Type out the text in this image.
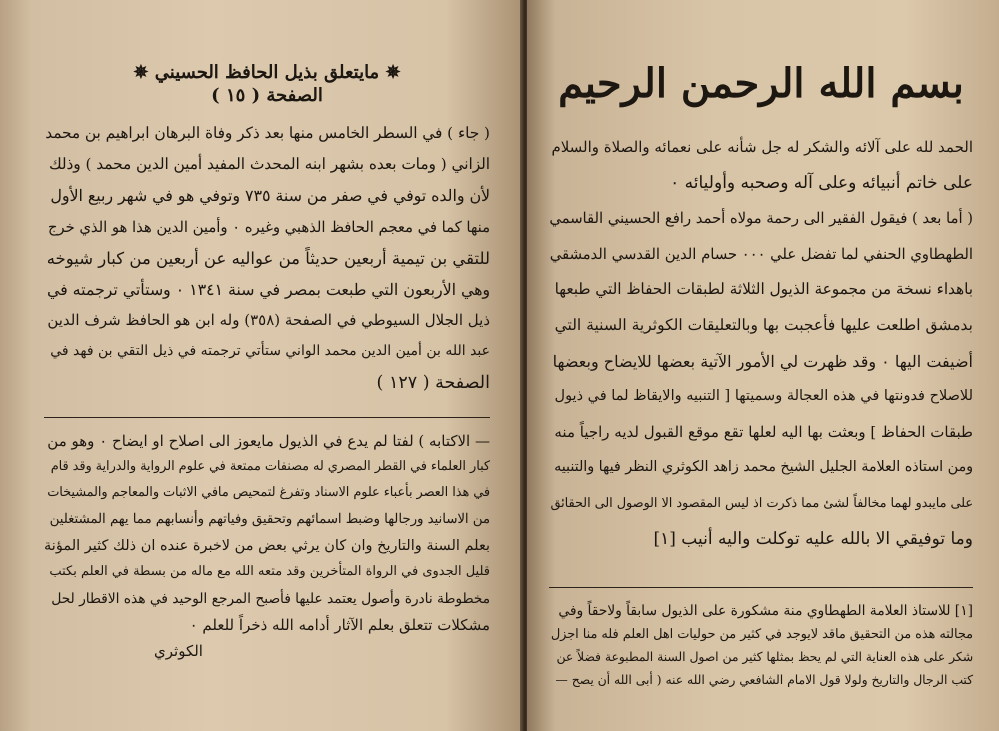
✵ مايتعلق بذيل الحافظ الحسيني ✵
الصفحة ( ١٥ )
( جاء ) في السطر الخامس منها بعد ذكر وفاة البرهان ابراهيم بن محمد
الزاني ( ومات بعده بشهر ابنه المحدث المفيد أمين الدين محمد ) وذلك
لأن والده توفي في صفر من سنة ٧٣٥ وتوفي هو في شهر ربيع الأول
منها كما في معجم الحافظ الذهبي وغيره ٠ وأمين الدين هذا هو الذي خرج
للتقي بن تيمية أربعين حديثاً من عواليه عن أربعين من كبار شيوخه
وهي الأربعون التي طبعت بمصر في سنة ١٣٤١ ٠ وستأتي ترجمته في
ذيل الجلال السيوطي في الصفحة (٣٥٨) وله ابن هو الحافظ شرف الدين
عبد الله بن أمين الدين محمد الواني ستأتي ترجمته في ذيل التقي بن فهد في
الصفحة ( ١٢٧ )
— الاكتابه ) لفتا لم يدع في الذيول مايعوز الى اصلاح او ايضاح ٠ وهو من
كبار العلماء في القطر المصري له مصنفات ممتعة في علوم الرواية والدراية وقد قام
في هذا العصر بأعباء علوم الاسناد وتفرغ لتمحيص مافي الاثبات والمعاجم والمشيخات
من الاسانيد ورجالها وضبط اسمائهم وتحقيق وفياتهم وأنسابهم مما يهم المشتغلين
بعلم السنة والتاريخ وان كان يرثي بعض من لاخبرة عنده ان ذلك كثير المؤنة
قليل الجدوى في الرواة المتأخرين وقد متعه الله مع ماله من بسطة في العلم بكتب
مخطوطة نادرة وأصول يعتمد عليها فأصبح المرجع الوحيد في هذه الاقطار لحل
مشكلات تتعلق بعلم الآثار أدامه الله ذخراً للعلم ٠
الكوثري
بسم الله الرحمن الرحيم
الحمد لله على آلائه والشكر له جل شأنه على نعمائه والصلاة والسلام
على خاتم أنبيائه وعلى آله وصحبه وأوليائه ٠
( أما بعد ) فيقول الفقير الى رحمة مولاه أحمد رافع الحسيني القاسمي
الطهطاوي الحنفي لما تفضل علي ٠٠٠ حسام الدين القدسي الدمشقي
باهداء نسخة من مجموعة الذيول الثلاثة لطبقات الحفاظ التي طبعها
بدمشق اطلعت عليها فأعجبت بها وبالتعليقات الكوثرية السنية التي
أضيفت اليها ٠ وقد ظهرت لي الأمور الآتية بعضها للايضاح وبعضها
للاصلاح فدونتها في هذه العجالة وسميتها [ التنبيه والايقاظ لما في ذيول
طبقات الحفاظ ] وبعثت بها اليه لعلها تقع موقع القبول لديه راجياً منه
ومن استاذه العلامة الجليل الشيخ محمد زاهد الكوثري النظر فيها والتنبيه
على مايبدو لهما مخالفاً لشئ مما ذكرت اذ ليس المقصود الا الوصول الى الحقائق
وما توفيقي الا بالله عليه توكلت واليه أنيب [١]
[١] للاستاذ العلامة الطهطاوي منة مشكورة على الذيول سابقاً ولاحقاً وفي
مجالته هذه من التحقيق ماقد لايوجد في كثير من حوليات اهل العلم فله منا اجزل
شكر على هذه العناية التي لم يحظ بمثلها كثير من اصول السنة المطبوعة فضلاً عن
كتب الرجال والتاريخ ولولا قول الامام الشافعي رضي الله عنه ( أبى الله أن يصح —
